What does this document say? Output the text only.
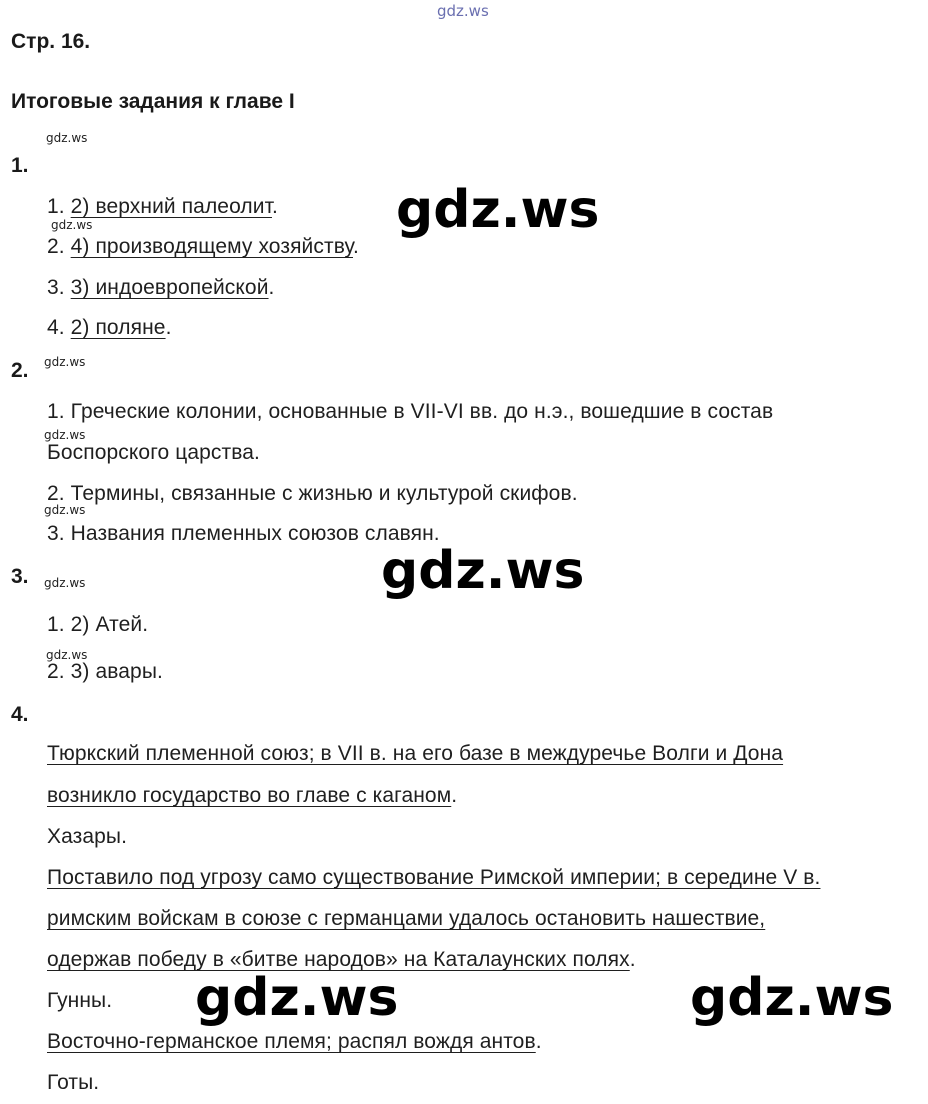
gdz.ws
Стр. 16.
Итоговые задания к главе I
gdz.ws
1.
1. 2) верхний палеолит.
gdz.ws
2. 4) производящему хозяйству.
3. 3) индоевропейской.
4. 2) поляне.
gdz.ws
2. gdz.ws
1. Греческие колонии, основанные в VII-VI вв. до н.э., вошедшие в состав
gdz.ws
Боспорского царства.
2. Термины, связанные с жизнью и культурой скифов.
gdz.ws
3. Названия племенных союзов славян.
gdz.ws
3. gdz.ws
1. 2) Атей.
gdz.ws
2. 3) авары.
4.
Тюркский племенной союз; в VII в. на его базе в междуречье Волги и Дона
возникло государство во главе с каганом.
Хазары.
Поставило под угрозу само существование Римской империи; в середине V в.
римским войскам в союзе с германцами удалось остановить нашествие,
одержав победу в «битве народов» на Каталаунских полях.
Гунны.
Восточно-германское племя; распял вождя антов.
Готы.
gdz.ws	gdz.ws
